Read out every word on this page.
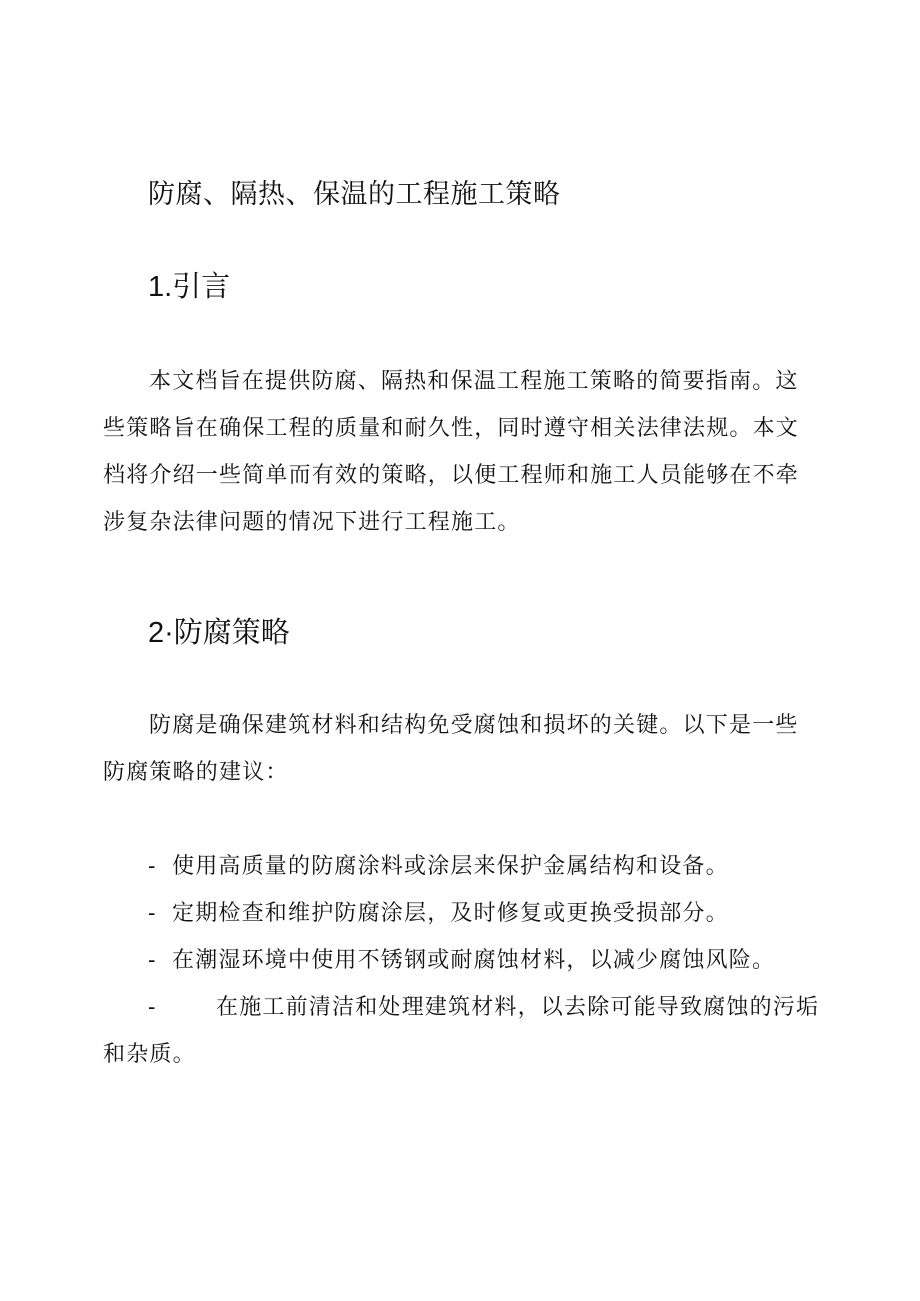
防腐、隔热、保温的工程施工策略
1.引言
本文档旨在提供防腐、隔热和保温工程施工策略的简要指南。这些策略旨在确保工程的质量和耐久性，同时遵守相关法律法规。本文档将介绍一些简单而有效的策略，以便工程师和施工人员能够在不牵涉复杂法律问题的情况下进行工程施工。
2·防腐策略
防腐是确保建筑材料和结构免受腐蚀和损坏的关键。以下是一些防腐策略的建议：
- 使用高质量的防腐涂料或涂层来保护金属结构和设备。
- 定期检查和维护防腐涂层，及时修复或更换受损部分。
- 在潮湿环境中使用不锈钢或耐腐蚀材料，以减少腐蚀风险。
-	在施工前清洁和处理建筑材料，以去除可能导致腐蚀的污垢
和杂质。
